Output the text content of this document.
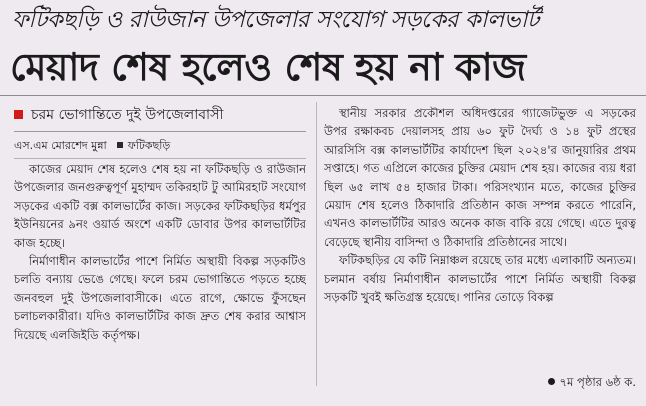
ফটিকছড়ি ও রাউজান উপজেলার সংযোগ সড়কের কালভার্ট
মেয়াদ শেষ হলেও শেষ হয় না কাজ
চরম ভোগান্তিতে দুই উপজেলাবাসী
এস.এম মোরশেদ মুন্না ফটিকছড়ি

কাজের মেয়াদ শেষ হলেও শেষ হয় না ফটিকছড়ি ও রাউজান উপজেলার জনগুরুত্বপূর্ণ মুহাম্মদ তকিরহাট টু আমিরহাট সংযোগ সড়কের একটি বক্স কালভার্টের কাজ। সড়কের ফটিকছড়ির ধর্মপুর ইউনিয়নের ৯নং ওয়ার্ড অংশে একটি ডোবার উপর কালভার্টটির কাজ হচ্ছে।

নির্মাণাধীন কালভার্টের পাশে নির্মিত অস্থায়ী বিকল্প সড়কটিও চলতি বন্যায় ভেঙে গেছে। ফলে চরম ভোগান্তিতে পড়তে হচ্ছে জনবহুল দুই উপজেলাবাসীকে। এতে রাগে, ক্ষোভে ফুঁসছেন চলাচলকারীরা। যদিও কালভার্টটির কাজ দ্রুত শেষ করার আশ্বাস দিয়েছে এলজিইডি কর্তৃপক্ষ।

স্থানীয় সরকার প্রকৌশল অধিদপ্তরের গ্যাজেটভুক্ত এ সড়কের উপর রক্ষাকবচ দেয়ালসহ প্রায় ৬০ ফুট দৈর্ঘ্য ও ১৪ ফুট প্রস্থের আরসিসি বক্স কালভার্টটির কার্যাদেশ ছিল ২০২৪'র জানুয়ারির প্রথম সপ্তাহে। গত এপ্রিলে কাজের চুক্তির মেয়াদ শেষ হয়। কাজের ব্যয় ধরা ছিল ৬৫ লাখ ৫৪ হাজার টাকা। পরিসংখ্যান মতে, কাজের চুক্তির মেয়াদ শেষ হলেও ঠিকাদারি প্রতিষ্ঠান কাজ সম্পন্ন করতে পারেনি, এখনও কালভার্টটির আরও অনেক কাজ বাকি রয়ে গেছে। এতে দুরত্ব বেড়েছে স্থানীয় বাসিন্দা ও ঠিকাদারি প্রতিষ্ঠানের সাথে।

ফটিকছড়ির যে কটি নিম্নাঞ্চল রয়েছে তার মধ্যে এলাকাটি অন্যতম। চলমান বর্ষায় নির্মাণাধীন কালভার্টের পাশে নির্মিত অস্থায়ী বিকল্প সড়কটি খুবই ক্ষতিগ্রস্ত হয়েছে। পানির তোড়ে বিকল্প

৭ম পৃষ্ঠার ৬ষ্ঠ ক.
